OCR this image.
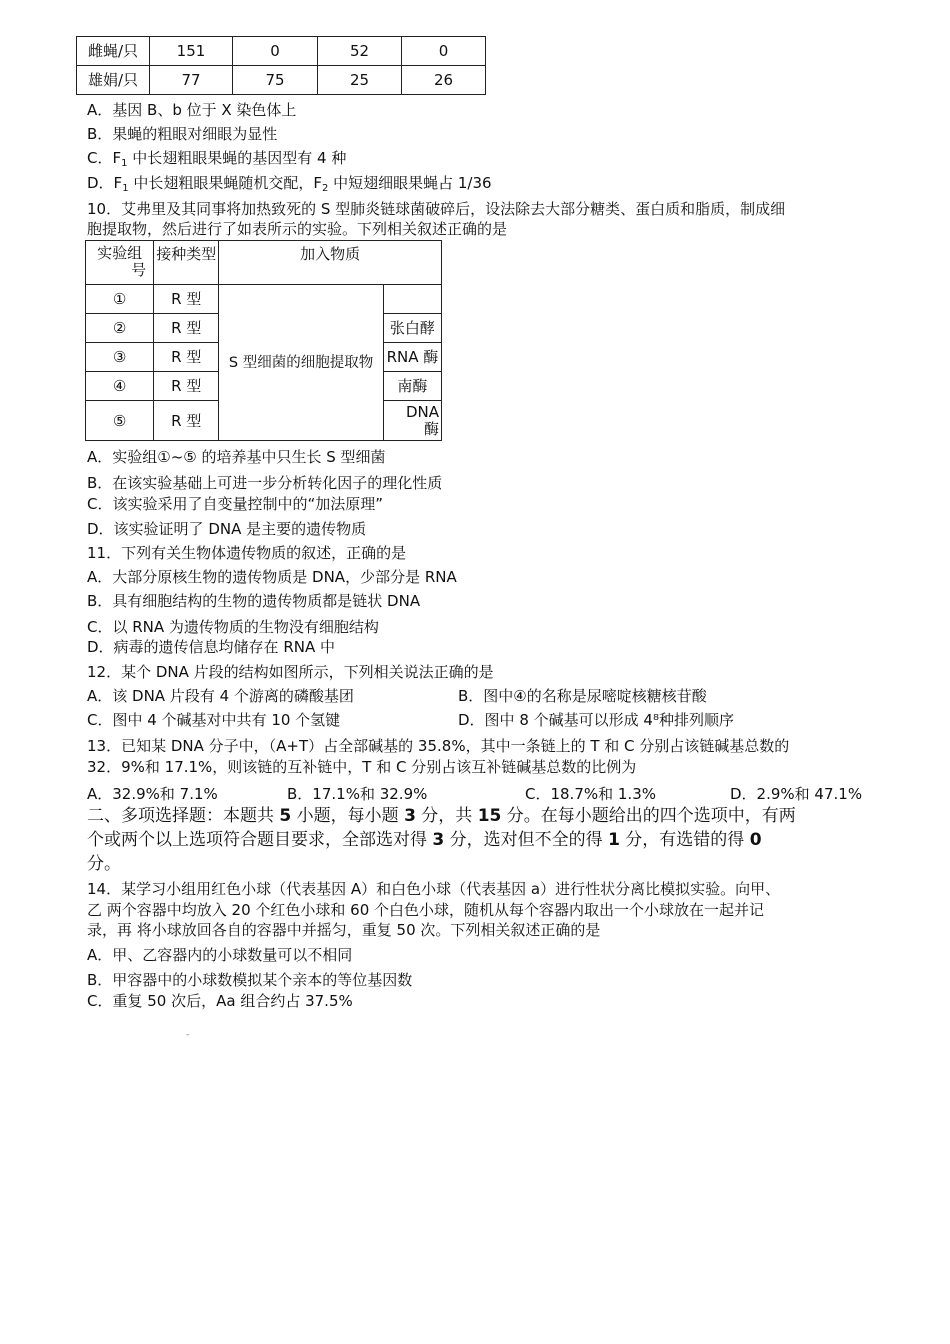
雌蝇/只	151	0	52	0
雄娟/只	77	75	25	26
A．基因 B、b 位于 X 染色体上
B．果蝇的粗眼对细眼为显性
C．$F_1$ 中长翅粗眼果蝇的基因型有 4 种
D．$F_1$ 中长翅粗眼果蝇随机交配，$F_2$ 中短翅细眼果蝇占 1/36
10．艾弗里及其同事将加热致死的 S 型肺炎链球菌破碎后，设法除去大部分糖类、蛋白质和脂质，制成细
胞提取物，然后进行了如表所示的实验。下列相关叙述正确的是
实验组
号	接种类型	加入物质	
①	R 型	S 型细菌的细胞提取物	
②	R 型		张白酵
③	R 型		RNA 酶
④	R 型		南酶
⑤	R 型		DNA
酶
A．实验组①~⑤ 的培养基中只生长 S 型细菌
B．在该实验基础上可进一步分析转化因子的理化性质
C．该实验采用了自变量控制中的“加法原理”
D．该实验证明了 DNA 是主要的遗传物质
11．下列有关生物体遗传物质的叙述，正确的是
A．大部分原核生物的遗传物质是 DNA，少部分是 RNA
B．具有细胞结构的生物的遗传物质都是链状 DNA
C．以 RNA 为遗传物质的生物没有细胞结构
D．病毒的遗传信息均储存在 RNA 中
12．某个 DNA 片段的结构如图所示，下列相关说法正确的是
A．该 DNA 片段有 4 个游离的磷酸基团	B．图中④的名称是尿嘧啶核糖核苷酸
C．图中 4 个碱基对中共有 10 个氢键	D．图中 8 个碱基可以形成 4⁸种排列顺序
13．已知某 DNA 分子中，（A+T）占全部碱基的 35.8%，其中一条链上的 T 和 C 分别占该链碱基总数的
32．9%和 17.1%，则该链的互补链中，T 和 C 分别占该互补链碱基总数的比例为
A．32.9%和 7.1%	B．17.1%和 32.9%	C．18.7%和 1.3%	D．2.9%和 47.1%
二、多项选择题：本题共 5 小题，每小题 3 分，共 15 分。在每小题给出的四个选项中，有两
个或两个以上选项符合题目要求，全部选对得 3 分，选对但不全的得 1 分，有选错的得 0
分。
14．某学习小组用红色小球（代表基因 A）和白色小球（代表基因 a）进行性状分离比模拟实验。向甲、
乙 两个容器中均放入 20 个红色小球和 60 个白色小球，随机从每个容器内取出一个小球放在一起并记
录，再 将小球放回各自的容器中并摇匀，重复 50 次。下列相关叙述正确的是
A．甲、乙容器内的小球数量可以不相同
B．甲容器中的小球数模拟某个亲本的等位基因数
C．重复 50 次后，Aa 组合约占 37.5%
-
